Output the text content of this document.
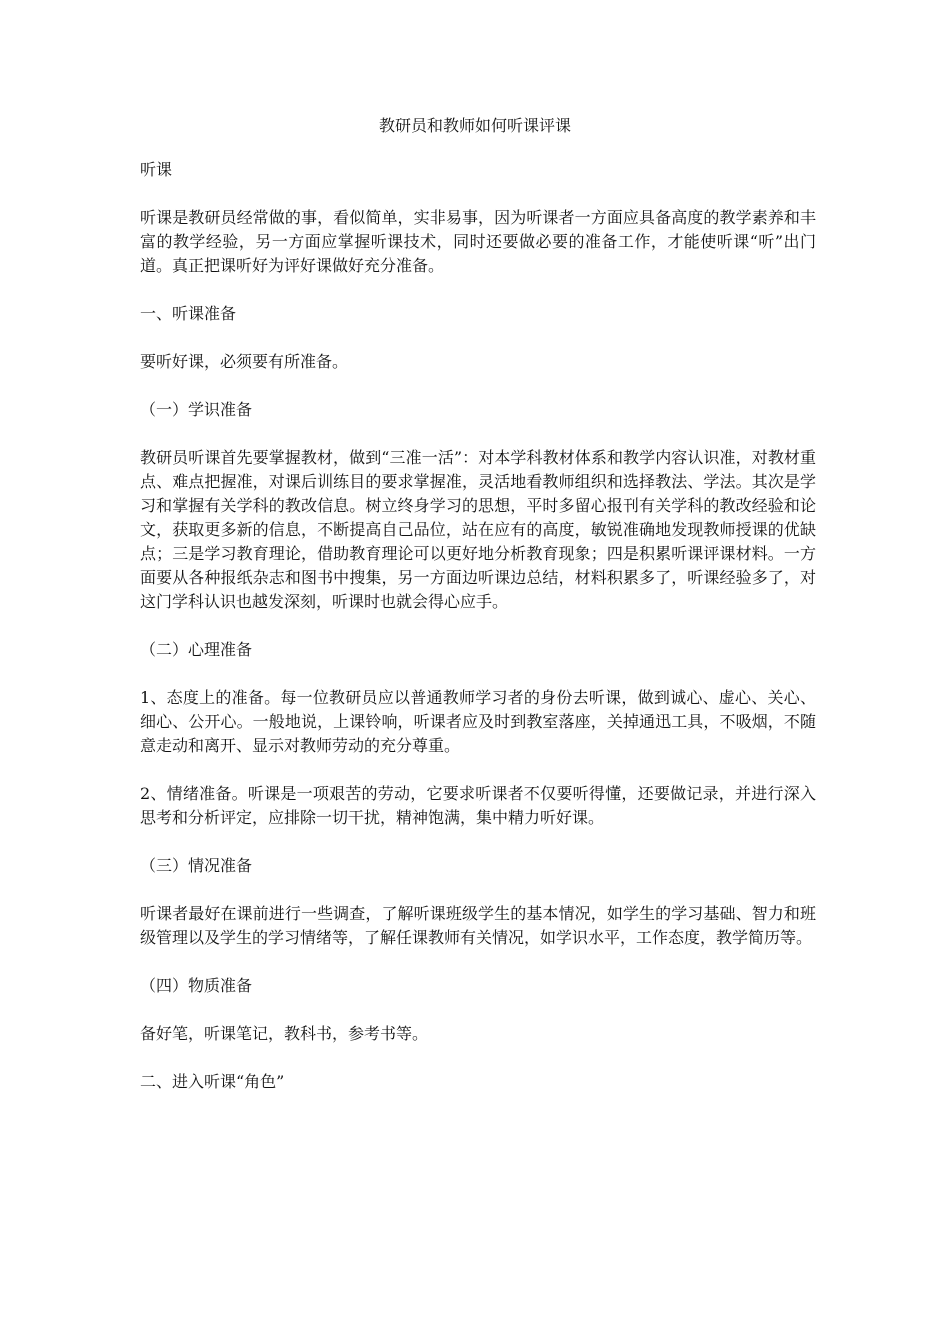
教研员和教师如何听课评课

听课

听课是教研员经常做的事，看似简单，实非易事，因为听课者一方面应具备高度的教学素养和丰富的教学经验，另一方面应掌握听课技术，同时还要做必要的准备工作，才能使听课“听”出门道。真正把课听好为评好课做好充分准备。

一、听课准备

要听好课，必须要有所准备。

（一）学识准备

教研员听课首先要掌握教材，做到“三准一活”：对本学科教材体系和教学内容认识准，对教材重点、难点把握准，对课后训练目的要求掌握准，灵活地看教师组织和选择教法、学法。其次是学习和掌握有关学科的教改信息。树立终身学习的思想，平时多留心报刊有关学科的教改经验和论文，获取更多新的信息，不断提高自己品位，站在应有的高度，敏锐准确地发现教师授课的优缺点；三是学习教育理论，借助教育理论可以更好地分析教育现象；四是积累听课评课材料。一方面要从各种报纸杂志和图书中搜集，另一方面边听课边总结，材料积累多了，听课经验多了，对这门学科认识也越发深刻，听课时也就会得心应手。

（二）心理准备

1、态度上的准备。每一位教研员应以普通教师学习者的身份去听课，做到诚心、虚心、关心、细心、公开心。一般地说，上课铃响，听课者应及时到教室落座，关掉通迅工具，不吸烟，不随意走动和离开、显示对教师劳动的充分尊重。

2、情绪准备。听课是一项艰苦的劳动，它要求听课者不仅要听得懂，还要做记录，并进行深入思考和分析评定，应排除一切干扰，精神饱满，集中精力听好课。

（三）情况准备

听课者最好在课前进行一些调查，了解听课班级学生的基本情况，如学生的学习基础、智力和班级管理以及学生的学习情绪等，了解任课教师有关情况，如学识水平，工作态度，教学简历等。

（四）物质准备

备好笔，听课笔记，教科书，参考书等。

二、进入听课“角色”
